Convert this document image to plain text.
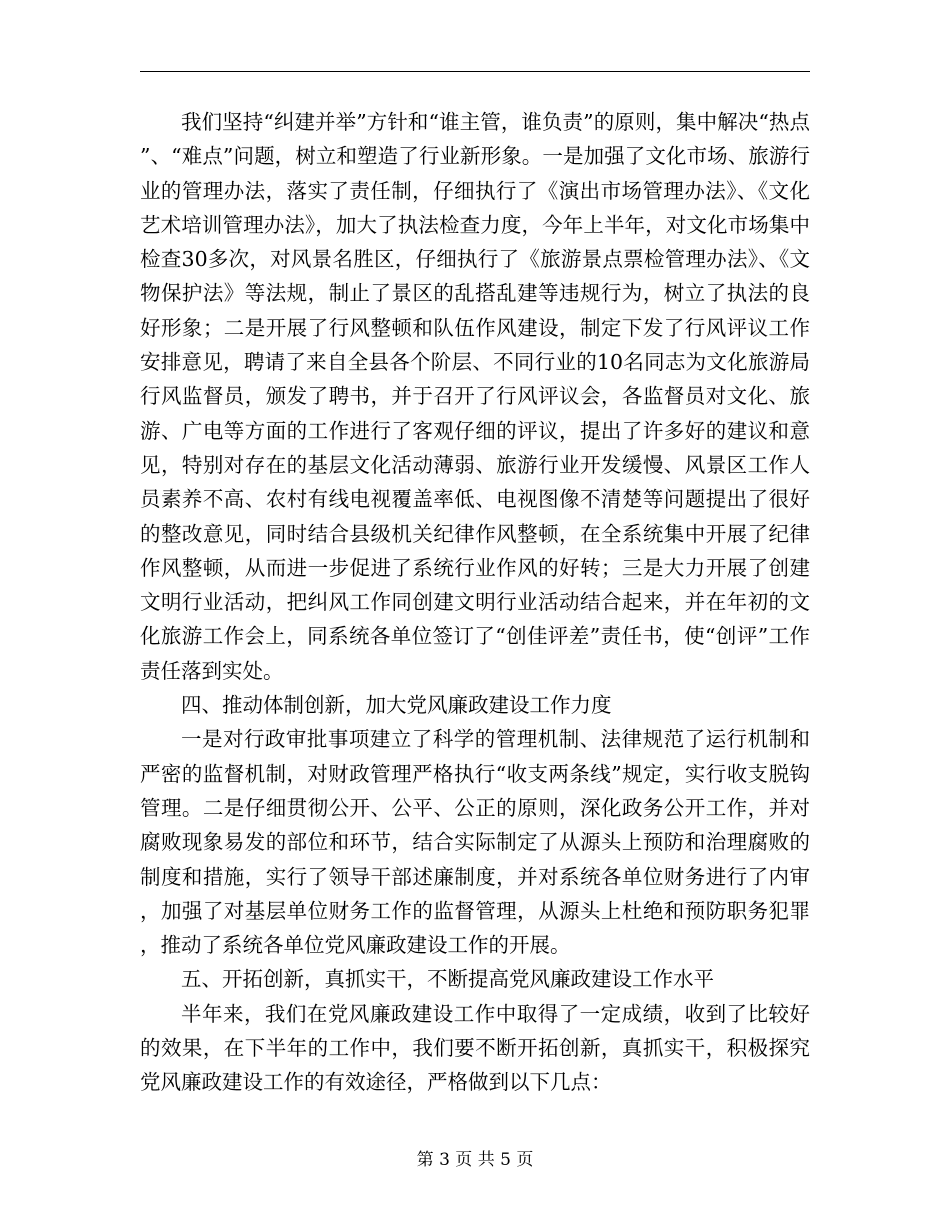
我们坚持“纠建并举”方针和“谁主管，谁负责”的原则，集中解决“热点”、“难点”问题，树立和塑造了行业新形象。一是加强了文化市场、旅游行业的管理办法，落实了责任制，仔细执行了《演出市场管理办法》、《文化艺术培训管理办法》，加大了执法检查力度，今年上半年，对文化市场集中检查30多次，对风景名胜区，仔细执行了《旅游景点票检管理办法》、《文物保护法》等法规，制止了景区的乱搭乱建等违规行为，树立了执法的良好形象；二是开展了行风整顿和队伍作风建设，制定下发了行风评议工作安排意见，聘请了来自全县各个阶层、不同行业的10名同志为文化旅游局行风监督员，颁发了聘书，并于召开了行风评议会，各监督员对文化、旅游、广电等方面的工作进行了客观仔细的评议，提出了许多好的建议和意见，特别对存在的基层文化活动薄弱、旅游行业开发缓慢、风景区工作人员素养不高、农村有线电视覆盖率低、电视图像不清楚等问题提出了很好的整改意见，同时结合县级机关纪律作风整顿，在全系统集中开展了纪律作风整顿，从而进一步促进了系统行业作风的好转；三是大力开展了创建文明行业活动，把纠风工作同创建文明行业活动结合起来，并在年初的文化旅游工作会上，同系统各单位签订了“创佳评差”责任书，使“创评”工作责任落到实处。

四、推动体制创新，加大党风廉政建设工作力度

一是对行政审批事项建立了科学的管理机制、法律规范了运行机制和严密的监督机制，对财政管理严格执行“收支两条线”规定，实行收支脱钩管理。二是仔细贯彻公开、公平、公正的原则，深化政务公开工作，并对腐败现象易发的部位和环节，结合实际制定了从源头上预防和治理腐败的制度和措施，实行了领导干部述廉制度，并对系统各单位财务进行了内审，加强了对基层单位财务工作的监督管理，从源头上杜绝和预防职务犯罪，推动了系统各单位党风廉政建设工作的开展。

五、开拓创新，真抓实干，不断提高党风廉政建设工作水平

半年来，我们在党风廉政建设工作中取得了一定成绩，收到了比较好的效果，在下半年的工作中，我们要不断开拓创新，真抓实干，积极探究党风廉政建设工作的有效途径，严格做到以下几点：

第 3 页 共 5 页
